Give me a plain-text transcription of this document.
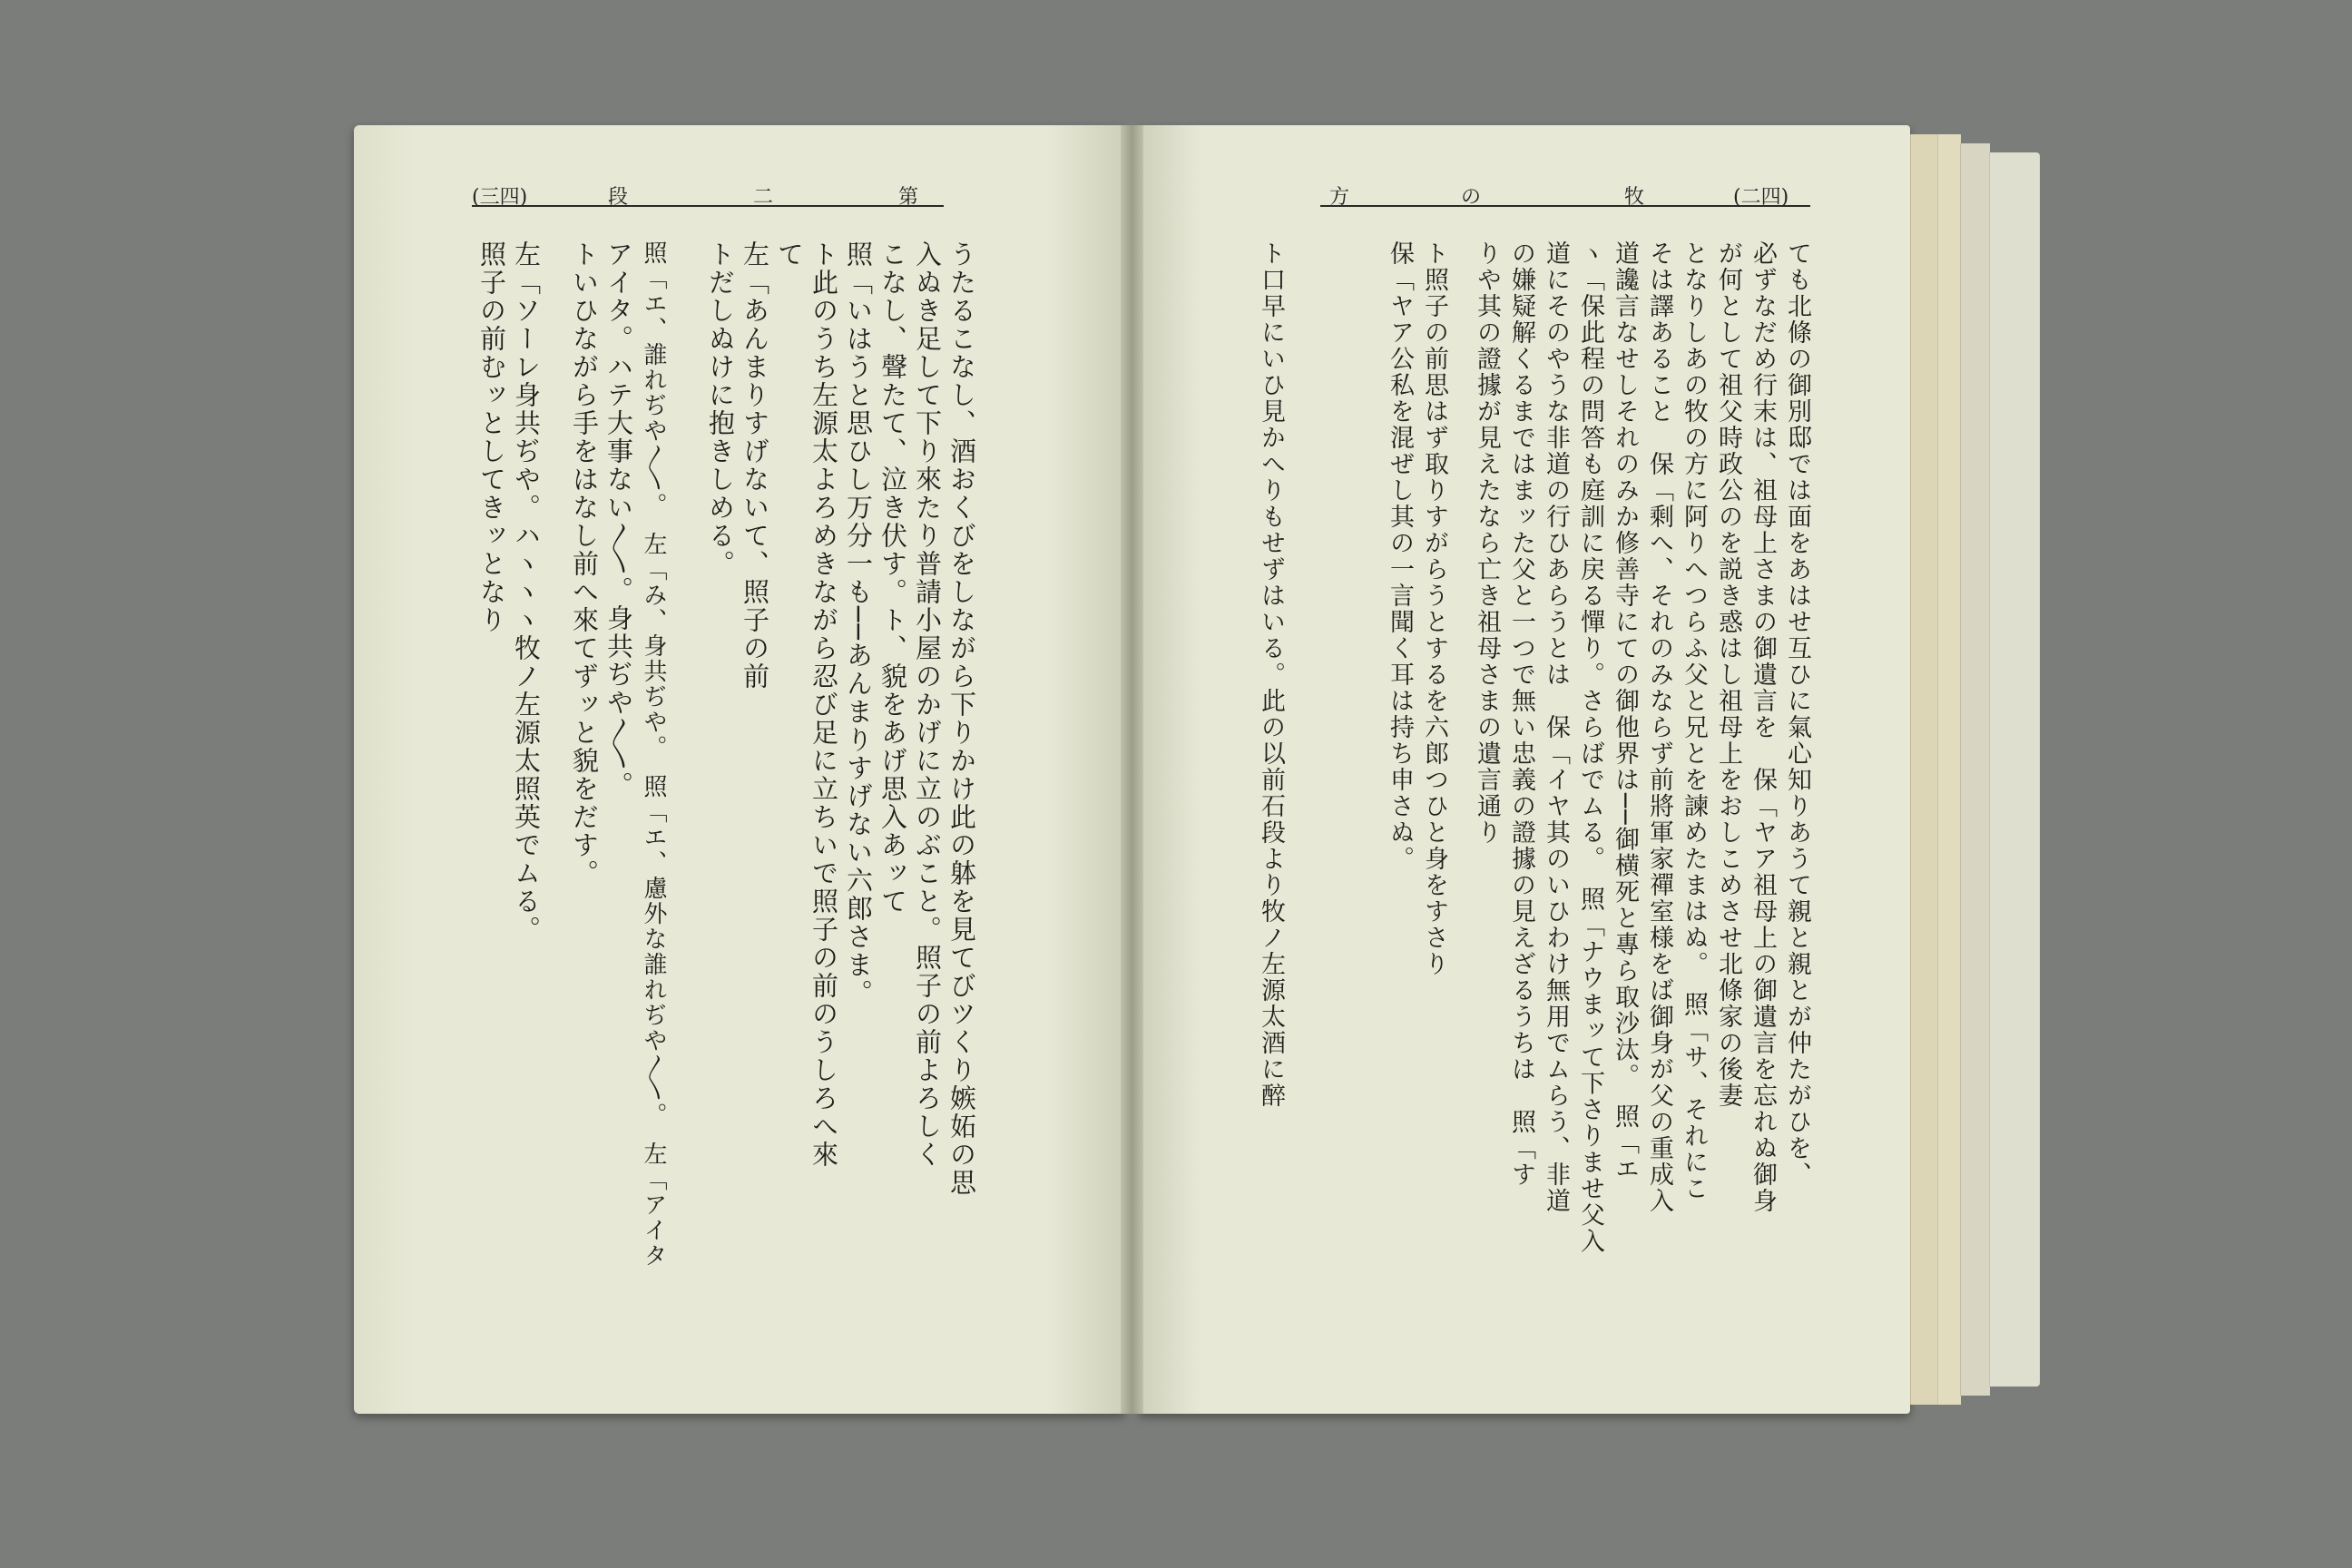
(三四)	段	二	第	方	の	牧	(二四)
うたるこなし、酒おくびをしながら下りかけ此の躰を見てびツくり嫉妬の思
入ぬき足して下り來たり普請小屋のかげに立のぶこと。照子の前よろしく
こなし、聲たて、泣き伏す。ト、貌をあげ思入あッて
照「いはうと思ひし万分一も──あんまりすげない六郎さま。
ト此のうち左源太よろめきながら忍び足に立ちいで照子の前のうしろへ來
て
左「あんまりすげないて、照子の前
トだしぬけに抱きしめる。
照「エ、誰れぢや〳〵。　左「み、身共ぢや。　照「エ、慮外な誰れぢや〳〵。　左「アイタ
アイタ。ハテ大事ない〳〵。身共ぢや〳〵。
トいひながら手をはなし前へ來てずッと貌をだす。
左「ソーレ身共ぢや。ハヽヽヽ牧ノ左源太照英でムる。
照子の前むッとしてきッとなり	ても北條の御別邸では面をあはせ互ひに氣心知りあうて親と親とが仲たがひを、
必ずなだめ行末は、祖母上さまの御遺言を　保「ヤア祖母上の御遺言を忘れぬ御身
が何として祖父時政公のを説き惑はし祖母上をおしこめさせ北條家の後妻
となりしあの牧の方に阿りへつらふ父と兄とを諫めたまはぬ。　照「サ、それにこ
そは譯あること　保「剩へ、それのみならず前將軍家禪室様をば御身が父の重成入
道讒言なせしそれのみか修善寺にての御他界は──御横死と專ら取沙汰。　照「エ
ヽ「保此程の問答も庭訓に戻る憚り。さらばでムる。　照「ナウまッて下さりませ父入
道にそのやうな非道の行ひあらうとは　保「イヤ其のいひわけ無用でムらう、非道
の嫌疑解くるまではまッた父と一つで無い忠義の證據の見えざるうちは　照「す
りや其の證據が見えたなら亡き祖母さまの遺言通り
ト照子の前思はず取りすがらうとするを六郎つひと身をすさり
保「ヤア公私を混ぜし其の一言聞く耳は持ち申さぬ。
ト口早にいひ見かへりもせずはいる。此の以前石段より牧ノ左源太酒に醉
